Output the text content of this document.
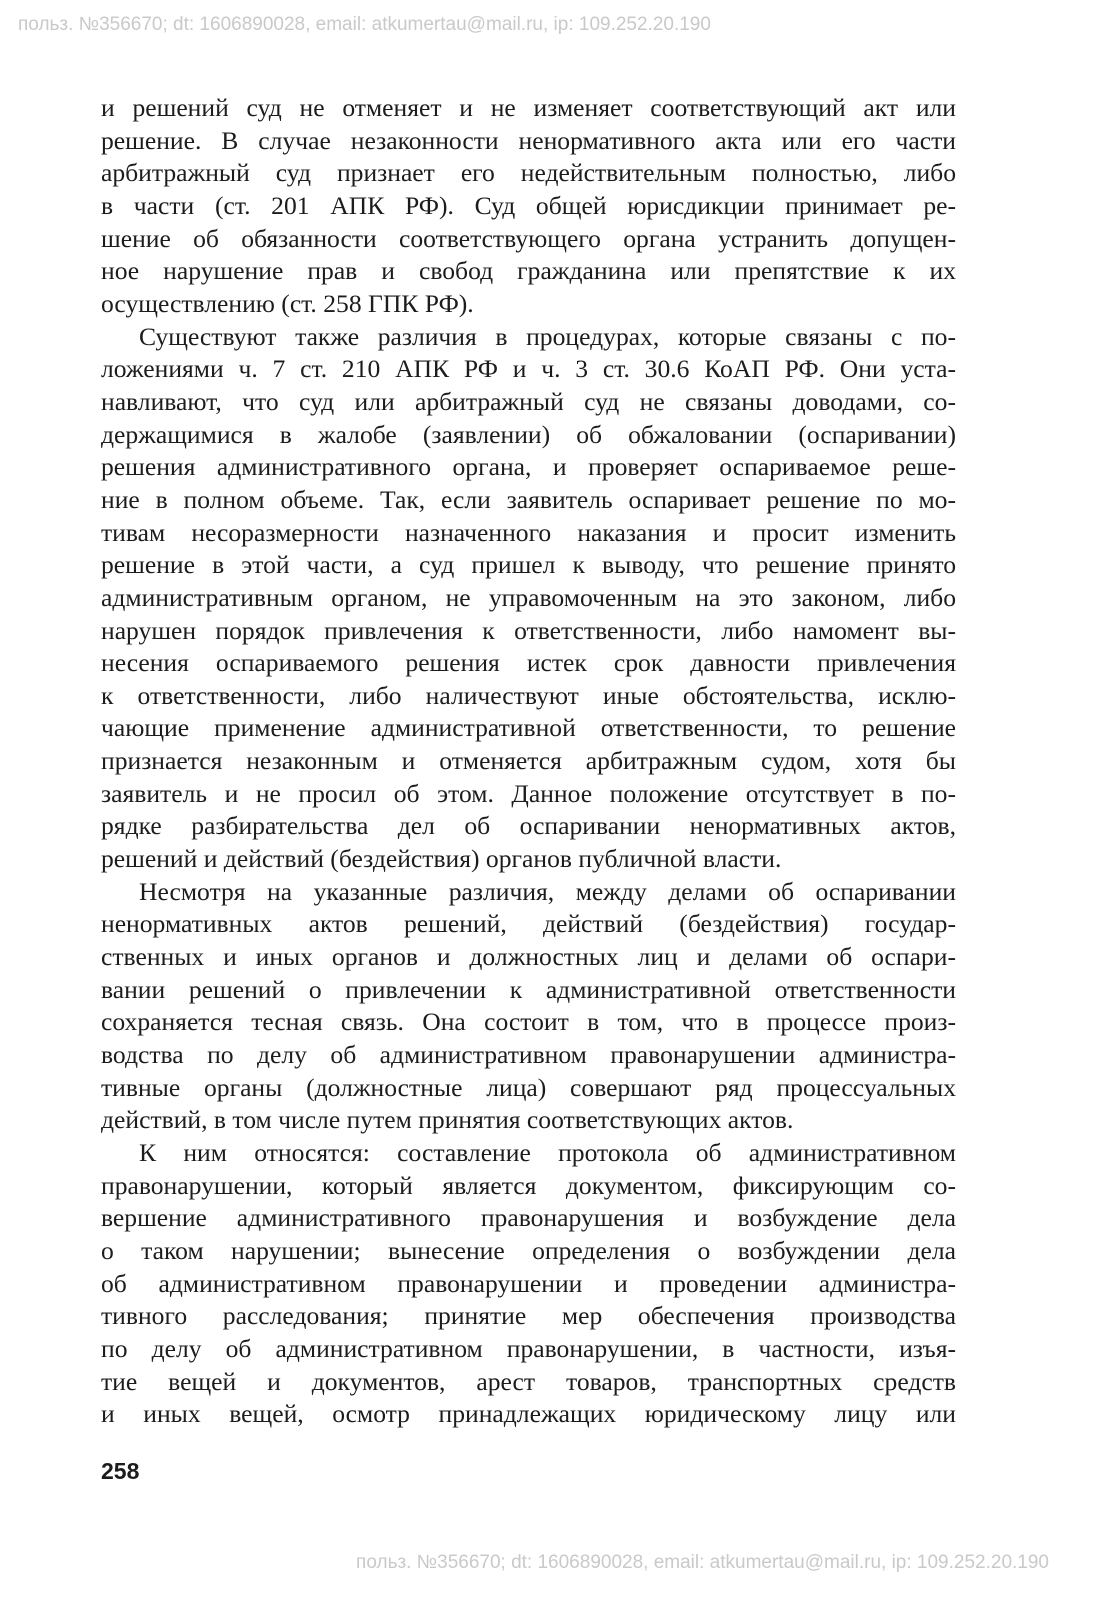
польз. №356670; dt: 1606890028, email: atkumertau@mail.ru, ip: 109.252.20.190
и решений суд не отменяет и не изменяет соответствующий акт или
решение. В случае незаконности ненормативного акта или его части
арбитражный суд признает его недействительным полностью, либо
в части (ст. 201 АПК РФ). Суд общей юрисдикции принимает ре-
шение об обязанности соответствующего органа устранить допущен-
ное нарушение прав и свобод гражданина или препятствие к их
осуществлению (ст. 258 ГПК РФ).
Существуют также различия в процедурах, которые связаны с по-
ложениями ч. 7 ст. 210 АПК РФ и ч. 3 ст. 30.6 КоАП РФ. Они уста-
навливают, что суд или арбитражный суд не связаны доводами, со-
держащимися в жалобе (заявлении) об обжаловании (оспаривании)
решения административного органа, и проверяет оспариваемое реше-
ние в полном объеме. Так, если заявитель оспаривает решение по мо-
тивам несоразмерности назначенного наказания и просит изменить
решение в этой части, а суд пришел к выводу, что решение принято
административным органом, не управомоченным на это законом, либо
нарушен порядок привлечения к ответственности, либо намомент вы-
несения оспариваемого решения истек срок давности привлечения
к ответственности, либо наличествуют иные обстоятельства, исклю-
чающие применение административной ответственности, то решение
признается незаконным и отменяется арбитражным судом, хотя бы
заявитель и не просил об этом. Данное положение отсутствует в по-
рядке разбирательства дел об оспаривании ненормативных актов,
решений и действий (бездействия) органов публичной власти.
Несмотря на указанные различия, между делами об оспаривании
ненормативных актов решений, действий (бездействия) государ-
ственных и иных органов и должностных лиц и делами об оспари-
вании решений о привлечении к административной ответственности
сохраняется тесная связь. Она состоит в том, что в процессе произ-
водства по делу об административном правонарушении администра-
тивные органы (должностные лица) совершают ряд процессуальных
действий, в том числе путем принятия соответствующих актов.
К ним относятся: составление протокола об административном
правонарушении, который является документом, фиксирующим со-
вершение административного правонарушения и возбуждение дела
о таком нарушении; вынесение определения о возбуждении дела
об административном правонарушении и проведении администра-
тивного расследования; принятие мер обеспечения производства
по делу об административном правонарушении, в частности, изъя-
тие вещей и документов, арест товаров, транспортных средств
и иных вещей, осмотр принадлежащих юридическому лицу или
258
польз. №356670; dt: 1606890028, email: atkumertau@mail.ru, ip: 109.252.20.190
